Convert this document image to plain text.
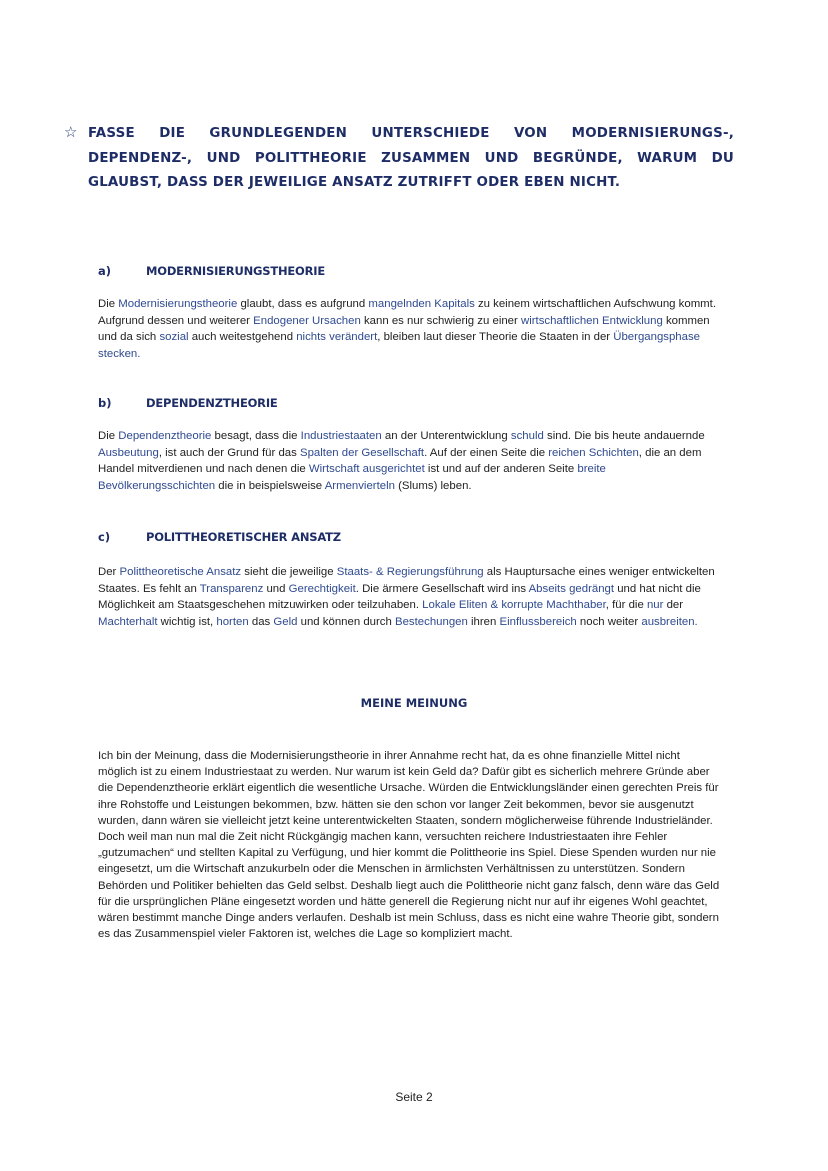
☆ FASSE DIE GRUNDLEGENDEN UNTERSCHIEDE VON MODERNISIERUNGS-, DEPENDENZ-, UND POLITTHEORIE ZUSAMMEN UND BEGRÜNDE, WARUM DU GLAUBST, DASS DER JEWEILIGE ANSATZ ZUTRIFFT ODER EBEN NICHT.
a)	MODERNISIERUNGSTHEORIE
Die Modernisierungstheorie glaubt, dass es aufgrund mangelnden Kapitals zu keinem wirtschaftlichen Aufschwung kommt. Aufgrund dessen und weiterer Endogener Ursachen kann es nur schwierig zu einer wirtschaftlichen Entwicklung kommen und da sich sozial auch weitestgehend nichts verändert, bleiben laut dieser Theorie die Staaten in der Übergangsphase stecken.
b)	DEPENDENZTHEORIE
Die Dependenztheorie besagt, dass die Industriestaaten an der Unterentwicklung schuld sind. Die bis heute andauernde Ausbeutung, ist auch der Grund für das Spalten der Gesellschaft. Auf der einen Seite die reichen Schichten, die an dem Handel mitverdienen und nach denen die Wirtschaft ausgerichtet ist und auf der anderen Seite breite Bevölkerungsschichten die in beispielsweise Armenvierteln (Slums) leben.
c)	POLITTHEORETISCHER ANSATZ
Der Polittheoretische Ansatz sieht die jeweilige Staats- & Regierungsführung als Hauptursache eines weniger entwickelten Staates. Es fehlt an Transparenz und Gerechtigkeit. Die ärmere Gesellschaft wird ins Abseits gedrängt und hat nicht die Möglichkeit am Staatsgeschehen mitzuwirken oder teilzuhaben. Lokale Eliten & korrupte Machthaber, für die nur der Machterhalt wichtig ist, horten das Geld und können durch Bestechungen ihren Einflussbereich noch weiter ausbreiten.
MEINE MEINUNG
Ich bin der Meinung, dass die Modernisierungstheorie in ihrer Annahme recht hat, da es ohne finanzielle Mittel nicht möglich ist zu einem Industriestaat zu werden. Nur warum ist kein Geld da? Dafür gibt es sicherlich mehrere Gründe aber die Dependenztheorie erklärt eigentlich die wesentliche Ursache. Würden die Entwicklungsländer einen gerechten Preis für ihre Rohstoffe und Leistungen bekommen, bzw. hätten sie den schon vor langer Zeit bekommen, bevor sie ausgenutzt wurden, dann wären sie vielleicht jetzt keine unterentwickelten Staaten, sondern möglicherweise führende Industrieländer. Doch weil man nun mal die Zeit nicht Rückgängig machen kann, versuchten reichere Industriestaaten ihre Fehler „gutzumachen“ und stellten Kapital zu Verfügung, und hier kommt die Polittheorie ins Spiel. Diese Spenden wurden nur nie eingesetzt, um die Wirtschaft anzukurbeln oder die Menschen in ärmlichsten Verhältnissen zu unterstützen. Sondern Behörden und Politiker behielten das Geld selbst. Deshalb liegt auch die Polittheorie nicht ganz falsch, denn wäre das Geld für die ursprünglichen Pläne eingesetzt worden und hätte generell die Regierung nicht nur auf ihr eigenes Wohl geachtet, wären bestimmt manche Dinge anders verlaufen. Deshalb ist mein Schluss, dass es nicht eine wahre Theorie gibt, sondern es das Zusammenspiel vieler Faktoren ist, welches die Lage so kompliziert macht.
Seite 2
